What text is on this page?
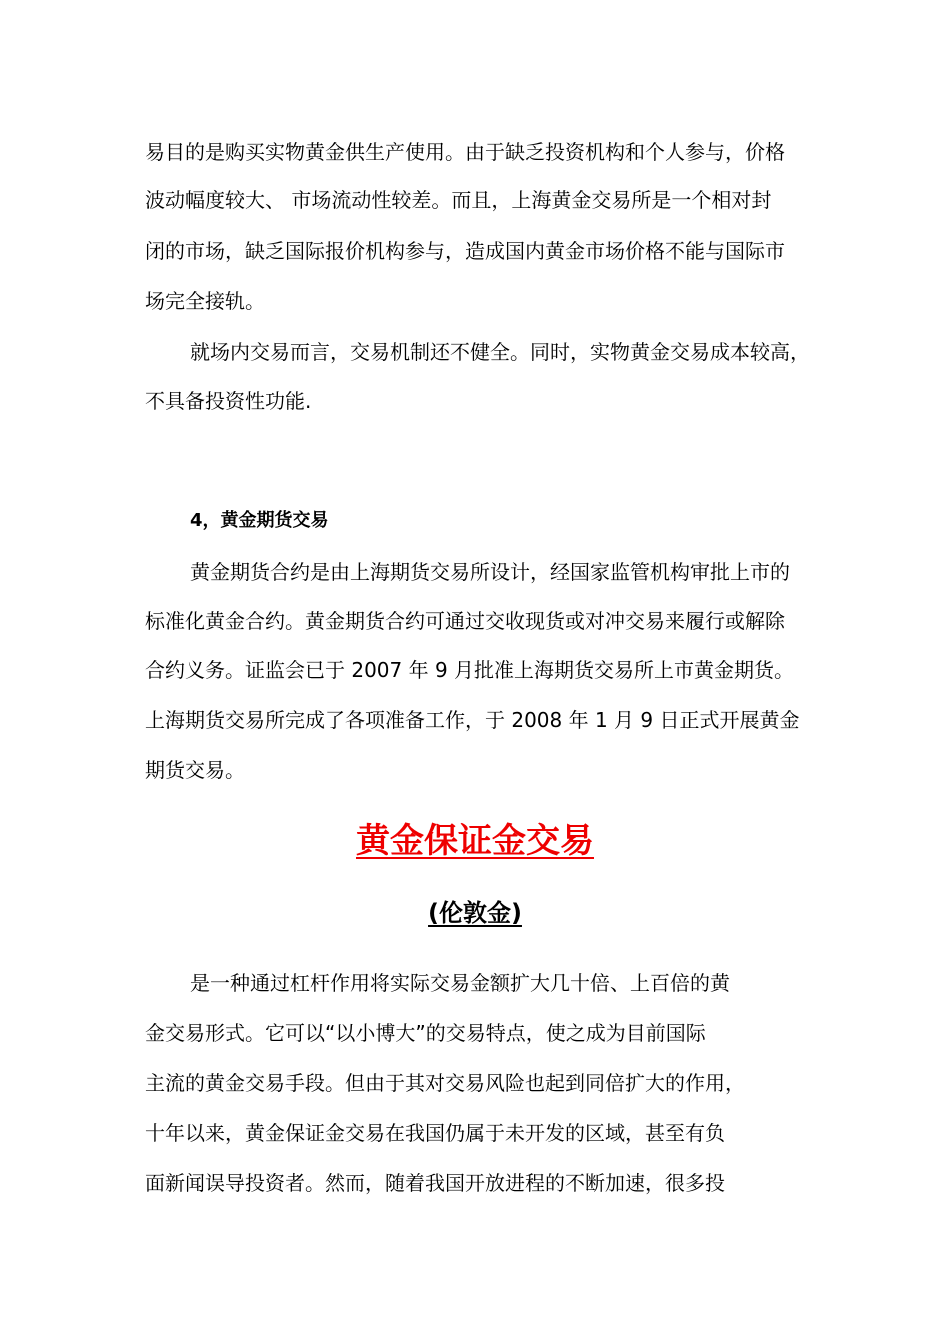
易目的是购买实物黄金供生产使用。由于缺乏投资机构和个人参与，价格
波动幅度较大、 市场流动性较差。而且，上海黄金交易所是一个相对封
闭的市场，缺乏国际报价机构参与，造成国内黄金市场价格不能与国际市
场完全接轨。
就场内交易而言，交易机制还不健全。同时，实物黄金交易成本较高，
不具备投资性功能.
4，黄金期货交易
黄金期货合约是由上海期货交易所设计，经国家监管机构审批上市的
标准化黄金合约。黄金期货合约可通过交收现货或对冲交易来履行或解除
合约义务。证监会已于 2007 年 9 月批准上海期货交易所上市黄金期货。
上海期货交易所完成了各项准备工作，于 2008 年 1 月 9 日正式开展黄金
期货交易。
黄金保证金交易
(伦敦金)
是一种通过杠杆作用将实际交易金额扩大几十倍、上百倍的黄
金交易形式。它可以“以小博大”的交易特点，使之成为目前国际
主流的黄金交易手段。但由于其对交易风险也起到同倍扩大的作用，
十年以来，黄金保证金交易在我国仍属于未开发的区域，甚至有负
面新闻误导投资者。然而，随着我国开放进程的不断加速，很多投
